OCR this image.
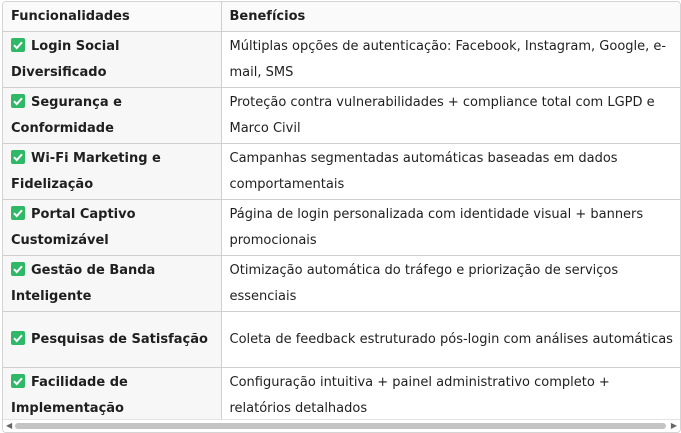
Funcionalidades	Benefícios

Login Social Diversificado	Múltiplas opções de autenticação: Facebook, Instagram, Google, e-mail, SMS

Segurança e Conformidade	Proteção contra vulnerabilidades + compliance total com LGPD e Marco Civil

Wi-Fi Marketing e Fidelização	Campanhas segmentadas automáticas baseadas em dados comportamentais

Portal Captivo Customizável	Página de login personalizada com identidade visual + banners promocionais

Gestão de Banda Inteligente	Otimização automática do tráfego e priorização de serviços essenciais

Pesquisas de Satisfação	Coleta de feedback estruturado pós-login com análises automáticas

Facilidade de Implementação	Configuração intuitiva + painel administrativo completo + relatórios detalhados
◀	▶
